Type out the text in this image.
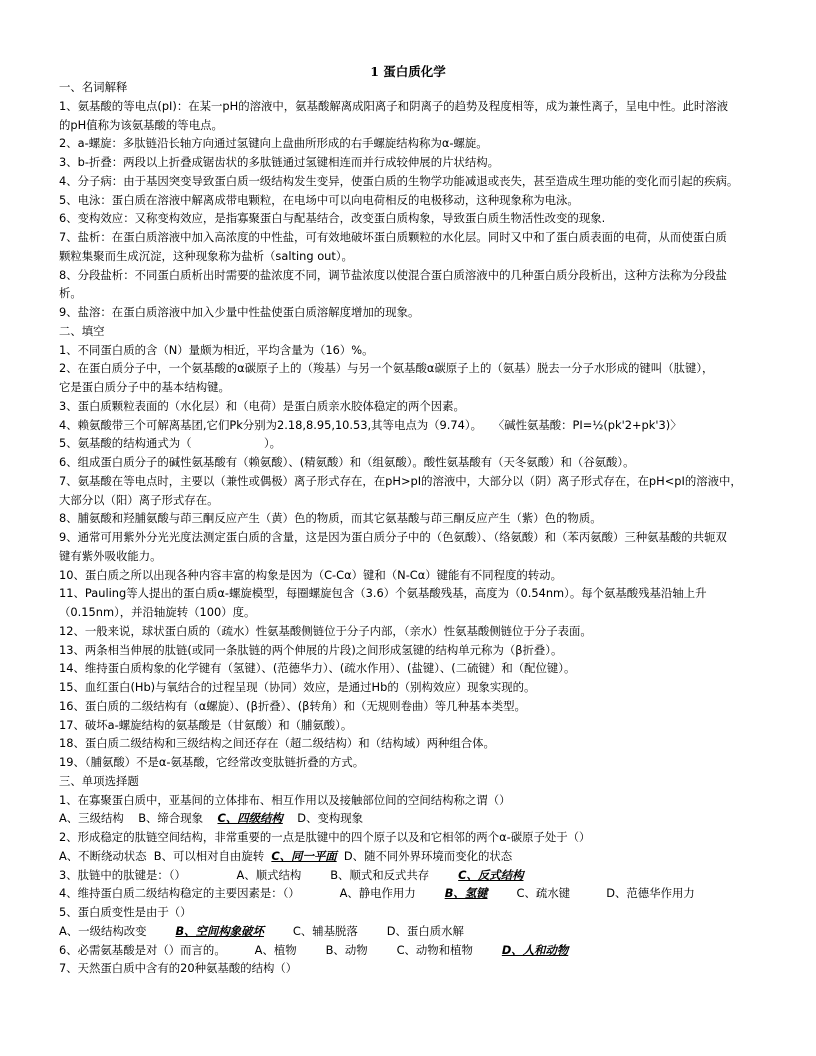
1 蛋白质化学
一、名词解释
1、氨基酸的等电点(pI)：在某一pH的溶液中，氨基酸解离成阳离子和阴离子的趋势及程度相等，成为兼性离子，呈电中性。此时溶液
的pH值称为该氨基酸的等电点。
2、a-螺旋：多肽链沿长轴方向通过氢键向上盘曲所形成的右手螺旋结构称为α-螺旋。
3、b-折叠：两段以上折叠成锯齿状的多肽链通过氢键相连而并行成较伸展的片状结构。
4、分子病：由于基因突变导致蛋白质一级结构发生变异，使蛋白质的生物学功能减退或丧失，甚至造成生理功能的变化而引起的疾病。
5、电泳：蛋白质在溶液中解离成带电颗粒，在电场中可以向电荷相反的电极移动，这种现象称为电泳。
6、变构效应：又称变构效应，是指寡聚蛋白与配基结合，改变蛋白质构象，导致蛋白质生物活性改变的现象.
7、盐析：在蛋白质溶液中加入高浓度的中性盐，可有效地破坏蛋白质颗粒的水化层。同时又中和了蛋白质表面的电荷，从而使蛋白质
颗粒集聚而生成沉淀，这种现象称为盐析（salting out）。
8、分段盐析：不同蛋白质析出时需要的盐浓度不同，调节盐浓度以使混合蛋白质溶液中的几种蛋白质分段析出，这种方法称为分段盐
析。
9、盐溶：在蛋白质溶液中加入少量中性盐使蛋白质溶解度增加的现象。
二、填空
1、不同蛋白质的含（N）量颇为相近，平均含量为（16）%。
2、在蛋白质分子中，一个氨基酸的α碳原子上的（羧基）与另一个氨基酸α碳原子上的（氨基）脱去一分子水形成的键叫（肽键），
它是蛋白质分子中的基本结构键。
3、蛋白质颗粒表面的（水化层）和（电荷）是蛋白质亲水胶体稳定的两个因素。
4、赖氨酸带三个可解离基团,它们Pk分别为2.18,8.95,10.53,其等电点为（9.74）。   〈碱性氨基酸：PI=½(pk'2+pk'3)〉
5、氨基酸的结构通式为（                    ）。
6、组成蛋白质分子的碱性氨基酸有（赖氨酸）、(精氨酸）和（组氨酸）。酸性氨基酸有（天冬氨酸）和（谷氨酸）。
7、氨基酸在等电点时，主要以（兼性或偶极）离子形式存在，在pH>pI的溶液中，大部分以（阴）离子形式存在，在pH<pI的溶液中，
大部分以（阳）离子形式存在。
8、脯氨酸和羟脯氨酸与茚三酮反应产生（黄）色的物质，而其它氨基酸与茚三酮反应产生（紫）色的物质。
9、通常可用紫外分光光度法测定蛋白质的含量，这是因为蛋白质分子中的（色氨酸）、（络氨酸）和（苯丙氨酸）三种氨基酸的共轭双
键有紫外吸收能力。
10、蛋白质之所以出现各种内容丰富的构象是因为（C-Cα）键和（N-Cα）键能有不同程度的转动。
11、Pauling等人提出的蛋白质α-螺旋模型，每圈螺旋包含（3.6）个氨基酸残基，高度为（0.54nm）。每个氨基酸残基沿轴上升
（0.15nm），并沿轴旋转（100）度。
12、一般来说，球状蛋白质的（疏水）性氨基酸侧链位于分子内部，（亲水）性氨基酸侧链位于分子表面。
13、两条相当伸展的肽链(或同一条肽链的两个伸展的片段)之间形成氢键的结构单元称为（β折叠）。
14、维持蛋白质构象的化学键有（氢键）、(范德华力）、(疏水作用）、(盐键）、(二硫键）和（配位键）。
15、血红蛋白(Hb)与氧结合的过程呈现（协同）效应，是通过Hb的（别构效应）现象实现的。
16、蛋白质的二级结构有（α螺旋）、(β折叠）、(β转角）和（无规则卷曲）等几种基本类型。
17、破坏a-螺旋结构的氨基酸是（甘氨酸）和（脯氨酸）。
18、蛋白质二级结构和三级结构之间还存在（超二级结构）和（结构域）两种组合体。
19、（脯氨酸）不是α-氨基酸，它经常改变肽链折叠的方式。
三、单项选择题
1、在寡聚蛋白质中，亚基间的立体排布、相互作用以及接触部位间的空间结构称之谓（）
A、三级结构    B、缔合现象    C、四级结构    D、变构现象
2、形成稳定的肽链空间结构，非常重要的一点是肽键中的四个原子以及和它相邻的两个α-碳原子处于（）
A、不断绕动状态  B、可以相对自由旋转  C、同一平面  D、随不同外界环境而变化的状态
3、肽链中的肽键是：（）              A、顺式结构        B、顺式和反式共存        C、反式结构
4、维持蛋白质二级结构稳定的主要因素是：（）           A、静电作用力        B、氢键        C、疏水键          D、范德华作用力
5、蛋白质变性是由于（）
A、一级结构改变        B、空间构象破坏        C、辅基脱落        D、蛋白质水解
6、必需氨基酸是对（）而言的。        A、植物        B、动物        C、动物和植物        D、人和动物
7、天然蛋白质中含有的20种氨基酸的结构（）
